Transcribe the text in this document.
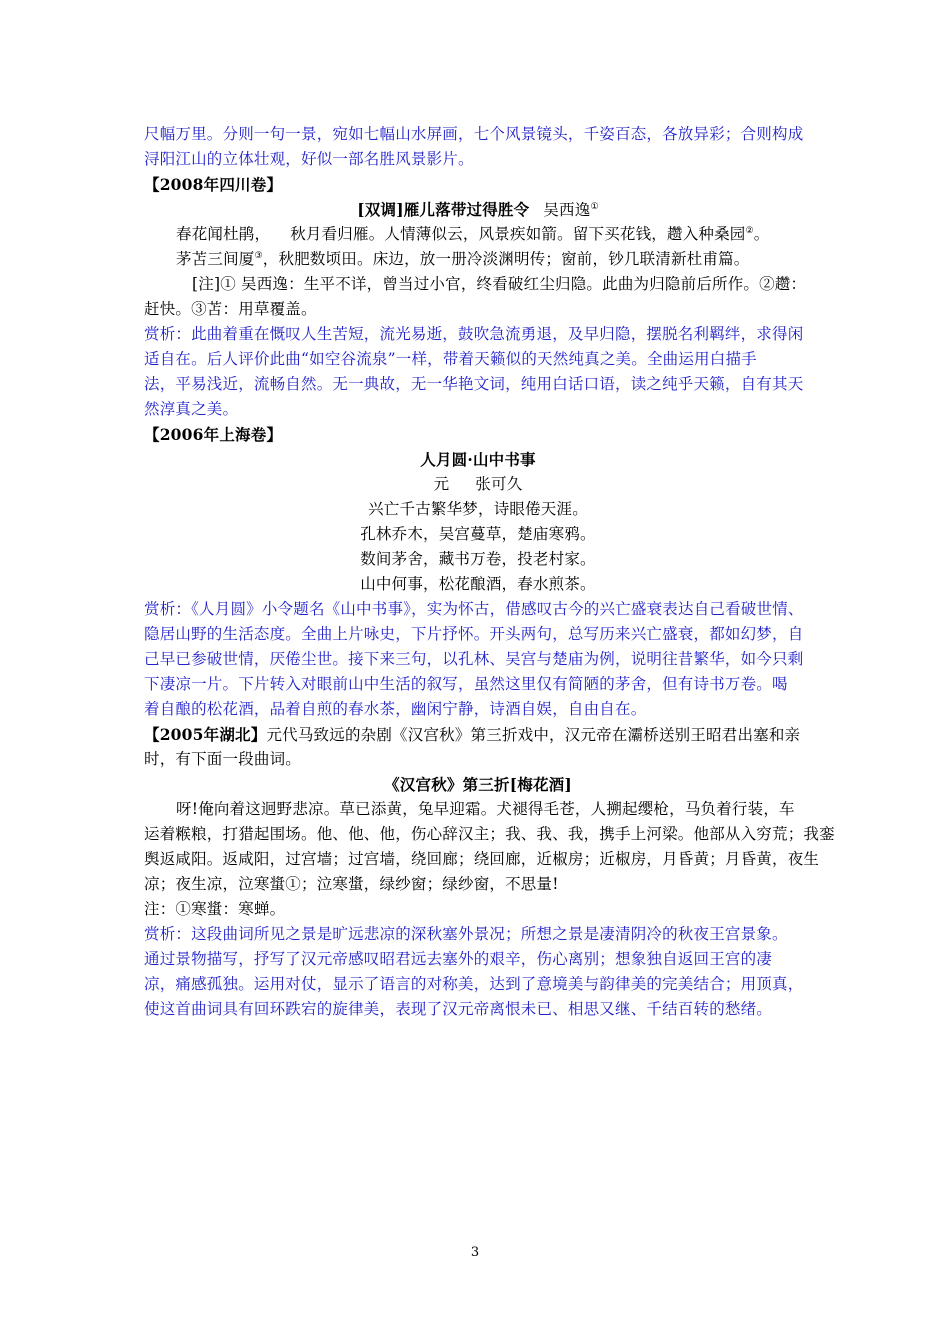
尺幅万里。分则一句一景，宛如七幅山水屏画，七个风景镜头，千姿百态，各放异彩；合则构成
浔阳江山的立体壮观，好似一部名胜风景影片。
【2008年四川卷】
[双调]雁儿落带过得胜令 吴西逸①
春花闻杜鹃， 秋月看归雁。人情薄似云，风景疾如箭。留下买花钱，趱入种桑园②。
茅苫三间厦③，秋肥数顷田。床边，放一册冷淡渊明传；窗前，钞几联清新杜甫篇。
[注]① 吴西逸：生平不详，曾当过小官，终看破红尘归隐。此曲为归隐前后所作。②趱：
赶快。③苫：用草覆盖。
赏析：此曲着重在慨叹人生苦短，流光易逝，鼓吹急流勇退，及早归隐，摆脱名利羁绊，求得闲
适自在。后人评价此曲“如空谷流泉”一样，带着天籁似的天然纯真之美。全曲运用白描手
法，平易浅近，流畅自然。无一典故，无一华艳文词，纯用白话口语，读之纯乎天籁，自有其天
然淳真之美。
【2006年上海卷】
人月圆·山中书事
元 张可久
兴亡千古繁华梦，诗眼倦天涯。
孔林乔木，吴宫蔓草，楚庙寒鸦。
数间茅舍，藏书万卷，投老村家。
山中何事，松花酿酒，春水煎茶。
赏析：《人月圆》小令题名《山中书事》，实为怀古，借感叹古今的兴亡盛衰表达自己看破世情、
隐居山野的生活态度。全曲上片咏史，下片抒怀。开头两句，总写历来兴亡盛衰，都如幻梦，自
己早已参破世情，厌倦尘世。接下来三句，以孔林、吴宫与楚庙为例，说明往昔繁华，如今只剩
下凄凉一片。下片转入对眼前山中生活的叙写，虽然这里仅有简陋的茅舍，但有诗书万卷。喝
着自酿的松花酒，品着自煎的春水茶，幽闲宁静，诗酒自娱，自由自在。
【2005年湖北】元代马致远的杂剧《汉宫秋》第三折戏中，汉元帝在灞桥送别王昭君出塞和亲
时，有下面一段曲词。
《汉宫秋》第三折[梅花酒]
呀!俺向着这迥野悲凉。草已添黄，兔早迎霜。犬褪得毛苍，人搠起缨枪，马负着行装，车
运着糇粮，打猎起围场。他、他、他，伤心辞汉主；我、我、我，携手上河梁。他部从入穷荒；我銮
舆返咸阳。返咸阳，过宫墙；过宫墙，绕回廊；绕回廊，近椒房；近椒房，月昏黄；月昏黄，夜生
凉；夜生凉，泣寒螀①；泣寒螀，绿纱窗；绿纱窗，不思量!
注：①寒螀：寒蝉。
赏析：这段曲词所见之景是旷远悲凉的深秋塞外景况；所想之景是凄清阴冷的秋夜王宫景象。
通过景物描写，抒写了汉元帝感叹昭君远去塞外的艰辛，伤心离别；想象独自返回王宫的凄
凉，痛感孤独。运用对仗，显示了语言的对称美，达到了意境美与韵律美的完美结合；用顶真，
使这首曲词具有回环跌宕的旋律美，表现了汉元帝离恨未已、相思又继、千结百转的愁绪。
3
